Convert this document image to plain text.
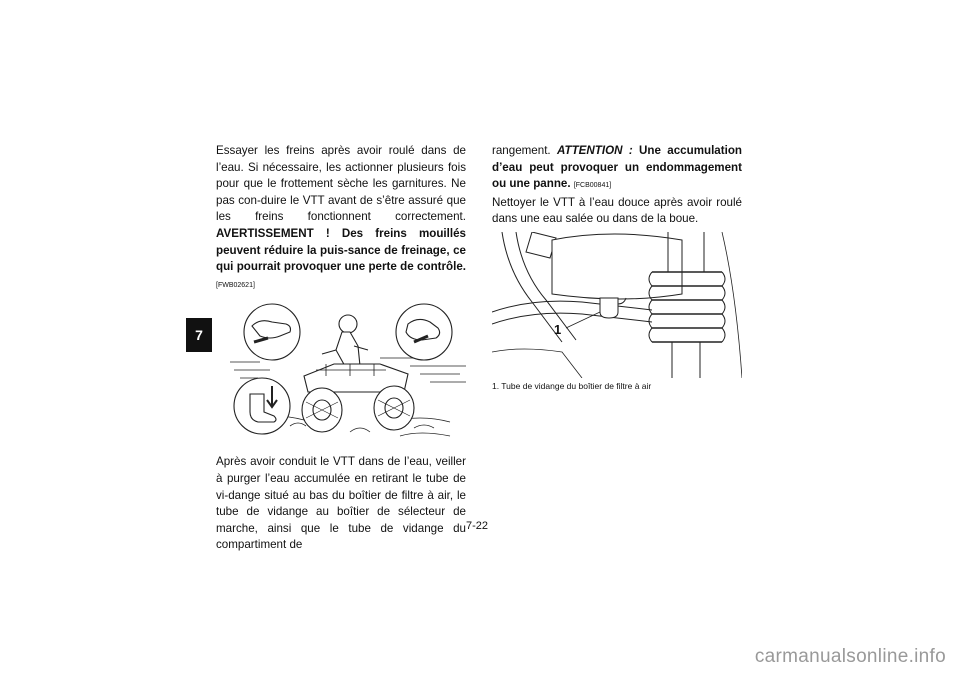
7

Essayer les freins après avoir roulé dans de l’eau. Si nécessaire, les actionner plusieurs fois pour que le frottement sèche les garnitures. Ne pas con-duire le VTT avant de s’être assuré que les freins fonctionnent correctement. AVERTISSEMENT ! Des freins mouillés peuvent réduire la puis-sance de freinage, ce qui pourrait provoquer une perte de contrôle. [FWB02621]

Après avoir conduit le VTT dans de l’eau, veiller à purger l’eau accumulée en retirant le tube de vi-dange situé au bas du boîtier de filtre à air, le tube de vidange au boîtier de sélecteur de marche, ainsi que le tube de vidange du compartiment de

rangement. ATTENTION : Une accumulation d’eau peut provoquer un endommagement ou une panne. [FCB00841]

Nettoyer le VTT à l’eau douce après avoir roulé dans une eau salée ou dans de la boue.

1
1. Tube de vidange du boîtier de filtre à air
7-22
carmanualsonline.info
